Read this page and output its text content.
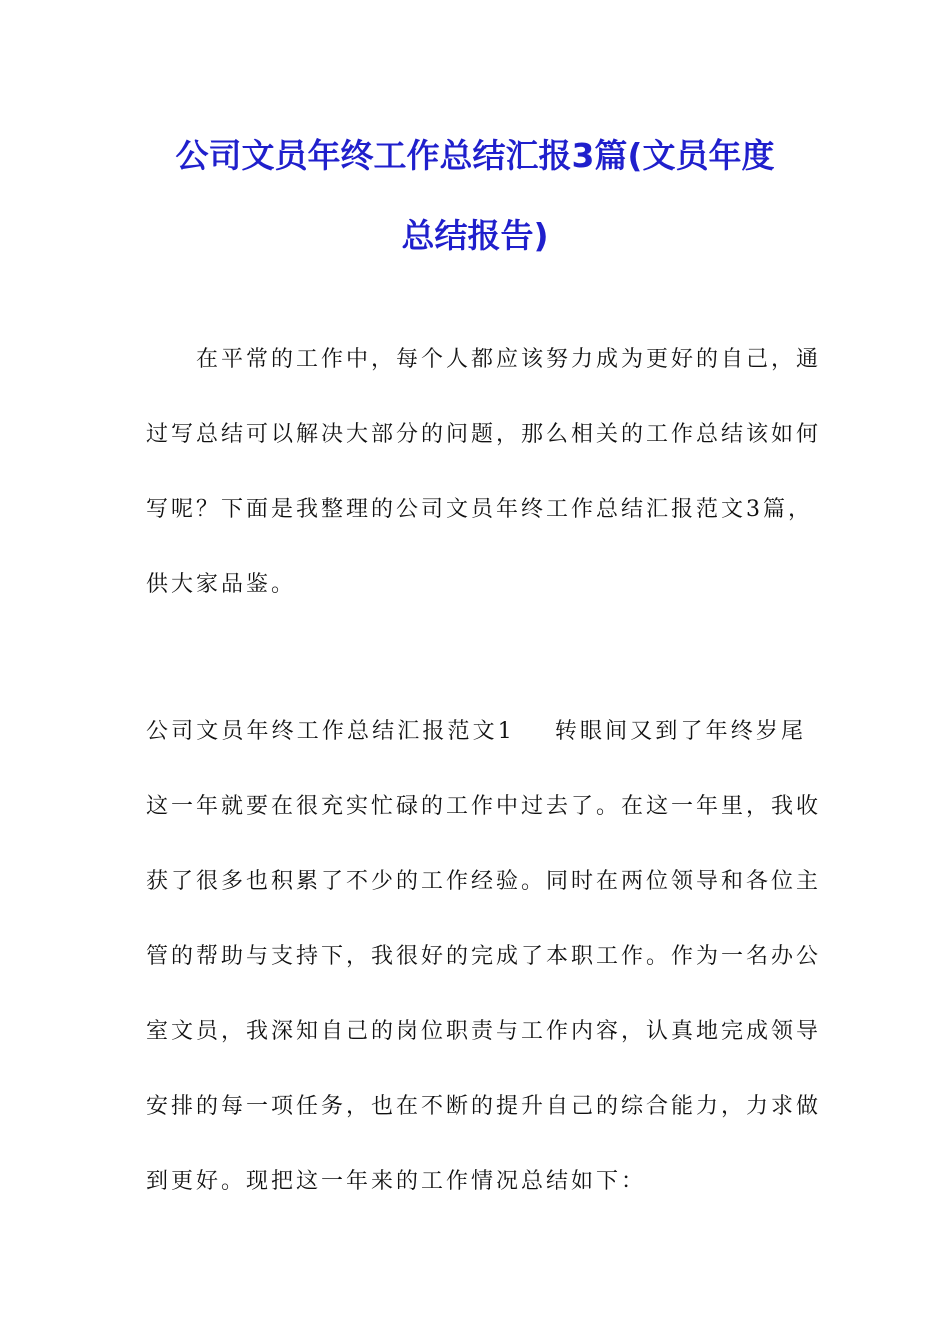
公司文员年终工作总结汇报3篇(文员年度
总结报告)

　　在平常的工作中，每个人都应该努力成为更好的自己，通
过写总结可以解决大部分的问题，那么相关的工作总结该如何
写呢？下面是我整理的公司文员年终工作总结汇报范文3篇，
供大家品鉴。

公司文员年终工作总结汇报范文1 转眼间又到了年终岁尾
这一年就要在很充实忙碌的工作中过去了。在这一年里，我收
获了很多也积累了不少的工作经验。同时在两位领导和各位主
管的帮助与支持下，我很好的完成了本职工作。作为一名办公
室文员，我深知自己的岗位职责与工作内容，认真地完成领导
安排的每一项任务，也在不断的提升自己的综合能力，力求做
到更好。现把这一年来的工作情况总结如下：
